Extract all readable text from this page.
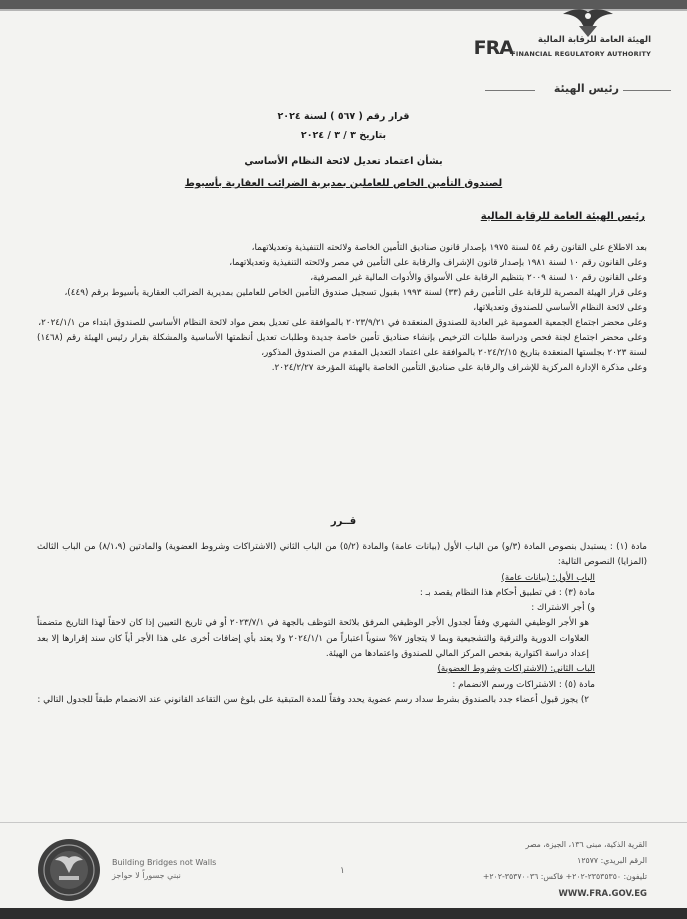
FRA	الهيئة العامة للرقابة المالية
FINANCIAL REGULATORY AUTHORITY
رئيس الهيئة
قرار رقم ( ٥٦٧ ) لسنة ٢٠٢٤
بتاريخ ٣ / ٣ / ٢٠٢٤
بشأن اعتماد تعديل لائحة النظام الأساسي
لصندوق التأمين الخاص للعاملين بمديرية الضرائب العقارية بأسيوط
رئيس الهيئة العامة للرقابة المالية

بعد الاطلاع على القانون رقم ٥٤ لسنة ١٩٧٥ بإصدار قانون صناديق التأمين الخاصة ولائحته التنفيذية وتعديلاتهما،

وعلى القانون رقم ١٠ لسنة ١٩٨١ بإصدار قانون الإشراف والرقابة على التأمين في مصر ولائحته التنفيذية وتعديلاتهما،

وعلى القانون رقم ١٠ لسنة ٢٠٠٩ بتنظيم الرقابة على الأسواق والأدوات المالية غير المصرفية،

وعلى قرار الهيئة المصرية للرقابة على التأمين رقم (٣٣) لسنة ١٩٩٣ بقبول تسجيل صندوق التأمين الخاص للعاملين بمديرية الضرائب العقارية بأسيوط برقم (٤٤٩)،

وعلى لائحة النظام الأساسي للصندوق وتعديلاتها،

وعلى محضر اجتماع الجمعية العمومية غير العادية للصندوق المنعقدة في ٢٠٢٣/٩/٢١ بالموافقة على تعديل بعض مواد لائحة النظام الأساسي للصندوق ابتداء من ٢٠٢٤/١/١،

وعلى محضر اجتماع لجنة فحص ودراسة طلبات الترخيص بإنشاء صناديق تأمين خاصة جديدة وطلبات تعديل أنظمتها الأساسية والمشكلة بقرار رئيس الهيئة رقم (١٤٦٨) لسنة ٢٠٢٣ بجلستها المنعقدة بتاريخ ٢٠٢٤/٢/١٥ بالموافقة على اعتماد التعديل المقدم من الصندوق المذكور،

وعلى مذكرة الإدارة المركزية للإشراف والرقابة على صناديق التأمين الخاصة بالهيئة المؤرخة ٢٠٢٤/٢/٢٧.

قــرر

مادة (١) : يستبدل بنصوص المادة (٣/و) من الباب الأول (بيانات عامة) والمادة (٥/٢) من الباب الثاني (الاشتراكات وشروط العضوية) والمادتين (٨/١،٩) من الباب الثالث (المزايا) النصوص التالية:

الباب الأول: (بيانات عامة)

مادة (٣) : في تطبيق أحكام هذا النظام يقصد بـ :

و) أجر الاشتراك :

هو الأجر الوظيفي الشهري وفقاً لجدول الأجر الوظيفي المرفق بلائحة التوظف بالجهة في ٢٠٢٣/٧/١ أو في تاريخ التعيين إذا كان لاحقاً لهذا التاريخ متضمناً العلاوات الدورية والترقية والتشجيعية وبما لا يتجاوز ٧% سنوياً اعتباراً من ٢٠٢٤/١/١ ولا يعتد بأي إضافات أخرى على هذا الأجر أياً كان سند إقرارها إلا بعد إعداد دراسة اكتوارية بفحص المركز المالي للصندوق واعتمادها من الهيئة.

الباب الثاني: (الاشتراكات وشروط العضوية)

مادة (٥) : الاشتراكات ورسم الانضمام :

٢) يجوز قبول أعضاء جدد بالصندوق بشرط سداد رسم عضوية يحدد وفقاً للمدة المتبقية على بلوغ سن التقاعد القانوني عند الانضمام طبقاً للجدول التالي :

Building Bridges not Walls
نبني جسوراً لا حواجز	١
القرية الذكية، مبنى ١٣٦، الجيزة، مصر
الرقم البريدي: ١٢٥٧٧
تليفون: ٢٣٥٣٥٣٥٠-٢٠٢+ فاكس: ٣٥٣٧٠٠٣٦-٢٠٢+
WWW.FRA.GOV.EG
